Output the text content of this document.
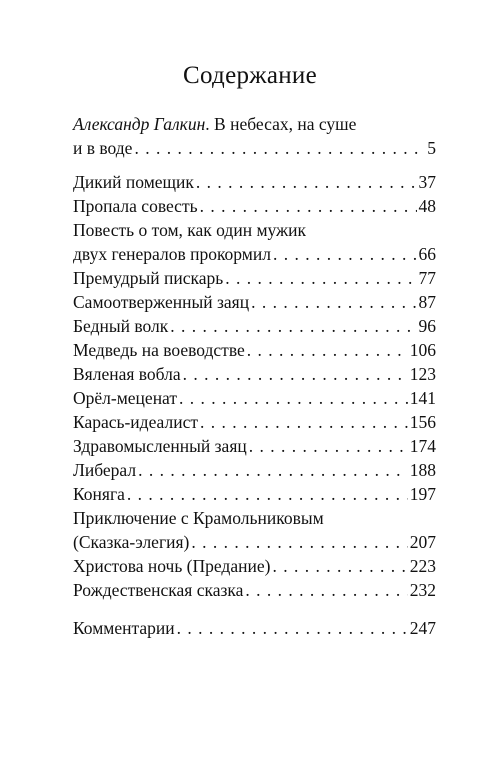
Содержание
Александр Галкин. В небесах, на суше
и в воде . . .	5
Дикий помещик . . .	37
Пропала совесть . . .	48
Повесть о том, как один мужик
двух генералов прокормил . . .	66
Премудрый пискарь . . .	77
Самоотверженный заяц . . .	87
Бедный волк . . .	96
Медведь на воеводстве . . .	106
Вяленая вобла . . .	123
Орёл-меценат . . .	141
Карась-идеалист . . .	156
Здравомысленный заяц . . .	174
Либерал . . .	188
Коняга . . .	197
Приключение с Крамольниковым
(Сказка-элегия) . . .	207
Христова ночь (Предание) . . .	223
Рождественская сказка . . .	232
Комментарии . . .	247
